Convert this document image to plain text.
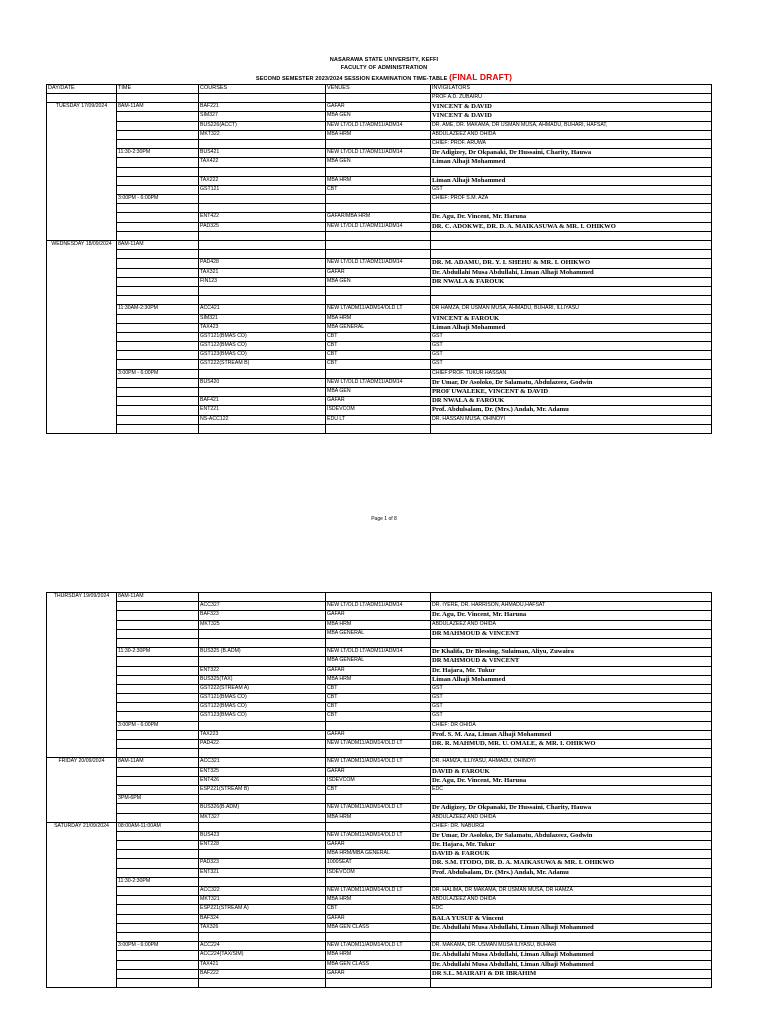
NASARAWA STATE UNIVERSITY, KEFFI
FACULTY OF ADMINISTRATION
SECOND SEMESTER 2023/2024 SESSION EXAMINATION TIME-TABLE (FINAL DRAFT)
DAY/DATE	TIME	COURSES	VENUES	INVIGILATORS
				PROF A.D. ZUBAIRU
TUESDAY 17/09/2024	8AM-11AM	BAF221	GAFAR	VINCENT & DAVID
		SIM327	MBA GEN	VINCENT & DAVID
		BUS226(ACCT)	NEW LT/OLD LT/ADM11/ADM14	DR. AME, DR. MAKAMA, DR USMAN MUSA, AHMADU, BUHARI, HAFSAT,
		MKT322	MBA HRM	ABDULAZEEZ AND OHIDA
				CHIEF: PROF. ARUWA
	11:30-2:30PM	BUS421	NEW LT/OLD LT/ADM11/ADM14	Dr Adigizey, Dr Okpanaki, Dr Hussaini, Charity, Hauwa
		TAX422	MBA GEN	Liman Alhaji Mohammed

		TAX222	MBA HRM	Liman Alhaji Mohammed
		GST121	CBT	GST
	3:00PM - 6:00PM			CHIEF: PROF S.M. AZA

		ENT422	GAFAR/MBA HRM	Dr. Agu, Dr. Vincent, Mr. Haruna
		PAD325	NEW LT/OLD LT/ADM11/ADM14	DR. C. ADOKWE, DR. D. A. MAIKASUWA & MR. I. OHIKWO

WEDNESDAY 18/09/2024	8AM-11AM			

		PAD428	NEW LT/OLD LT/ADM11/ADM14	DR. M. ADAMU, DR. Y. I. SHEHU & MR. I. OHIKWO
		TAX321	GAFAR	Dr. Abdullahi Musa Abdullahi, Liman Alhaji Mohammed
		FIN123	MBA GEN	DR NWALA & FAROUK

	11:30AM-2:30PM	ACC421	NEW LT/ADM11/ADM14/OLD LT	DR HAMZA, DR USMAN MUSA, AHMADU, BUHARI, ILLIYASU
		SIM321	MBA HRM	VINCENT & FAROUK
		TAX423	MBA GENERAL	Liman Alhaji Mohammed
		GST121(BMAS CO)	CBT	GST
		GST122(BMAS CO)	CBT	GST
		GST123(BMAS CO)	CBT	GST
		GST222(STREAM B)	CBT	GST
	3:00PM - 6:00PM			CHIEF:PROF. TUKUR HASSAN
		BUS420	NEW LT/OLD LT/ADM11/ADM14	Dr Umar, Dr Asoloko, Dr Salamatu, Abdulazeez, Godwin
			MBA GEN	PROF UWALEKE, VINCENT & DAVID
		BAF421	GAFAR	DR NWALA & FAROUK
		ENT221	ISDEVCOM	Prof. Abdulsalam, Dr. (Mrs.) Andah, Mr. Adamu
		NS-ACC122	EDU LT	DR. HASSAN MUSA, OHINOYI

Page 1 of 8
THURSDAY 19/09/2024	8AM-11AM			
		ACC327	NEW LT/OLD LT/ADM11/ADM14	DR. IYERE, DR. HARRISON, AHMADU,HAFSAT
		BAF323	GAFAR	Dr. Agu, Dr. Vincent, Mr. Haruna
		MKT325	MBA HRM	ABDULAZEEZ AND OHIDA
			MBA GENERAL	DR MAHMOUD & VINCENT

	11:30-2:30PM	BUS325 (B.ADM)	NEW LT/OLD LT/ADM11/ADM14	Dr Khalifa, Dr Blessing, Sulaiman, Aliyu, Zuwaira
			MBA GENERAL	DR MAHMOUD & VINCENT
		ENT322	GAFAR	Dr. Hajara, Mr. Tukur
		BUS325(TAX)	MBA HRM	Liman Alhaji Mohammed
		GST222(STREAM A)	CBT	GST
		GST121(BMAS CO)	CBT	GST
		GST122(BMAS CO)	CBT	GST
		GST123(BMAS CO)	CBT	GST
	3:00PM - 6:00PM			CHIEF: DR OHIDA
		TAX223	GAFAR	Prof. S. M. Aza, Liman Alhaji Mohammed
		PAD422	NEW LT/ADM11/ADM14/OLD LT	DR. R. MAHMUD, MR. U. OMALE, & MR. I. OHIKWO

FRIDAY 20/09/2024	8AM-11AM	ACC321	NEW LT/ADM11/ADM14/OLD LT	DR. HAMZA, ILLIYASU, AHMADU, OHINOYI
		ENT325	GAFAR	DAVID & FAROUK
		ENT426	ISDEVCOM	Dr. Agu, Dr. Vincent, Mr. Haruna
		ESP221(STREAM B)	CBT	EDC
	3PM-6PM			
		BUS326(B.ADM)	NEW LT/ADM11/ADM14/OLD LT	Dr Adigizey, Dr Okpanaki, Dr Hussaini, Charity, Hauwa
		MKT327	MBA HRM	ABDULAZEEZ AND OHIDA
SATURDAY 21/09/2024	08:00AM-11:00AM			CHIEF: DR. NABURGI
		BUS423	NEW LT/ADM11/ADM14/OLD LT	Dr Umar, Dr Asoloko, Dr Salamatu, Abdulazeez, Godwin
		ENT228	GAFAR	Dr. Hajara, Mr. Tukur
			MBA HRM/MBA GENERAL	DAVID & FAROUK
		PAD323	1000SEAT	DR. S.M. ITODO, DR. D. A. MAIKASUWA & MR. I. OHIKWO
		ENT321	ISDEVCOM	Prof. Abdulsalam, Dr. (Mrs.) Andah, Mr. Adamu
	11:30-2:30PM			
		ACC322	NEW LT/ADM11/ADM14/OLD LT	DR. HALIMA, DR MAKAMA, DR USMAN MUSA, DR HAMZA
		MKT321	MBA HRM	ABDULAZEEZ AND OHIDA
		ESP221(STREAM A)	CBT	EDC
		BAF324	GAFAR	BALA YUSUF & Vincent
		TAX326	MBA GEN CLASS	Dr. Abdullahi Musa Abdullahi, Liman Alhaji Mohammed

	3:00PM - 6:00PM	ACC224	NEW LT/ADM11/ADM14/OLD LT	DR. MAKAMA, DR. USMAN MUSA ILIYASU, BUHARI
		ACC224(TAX/SIM)	MBA HRM	Dr. Abdullahi Musa Abdullahi, Liman Alhaji Mohammed
		TAX421	MBA GEN CLASS	Dr. Abdullahi Musa Abdullahi, Liman Alhaji Mohammed
		BAF222	GAFAR	DR S.L. MAIRAFI & DR IBRAHIM
